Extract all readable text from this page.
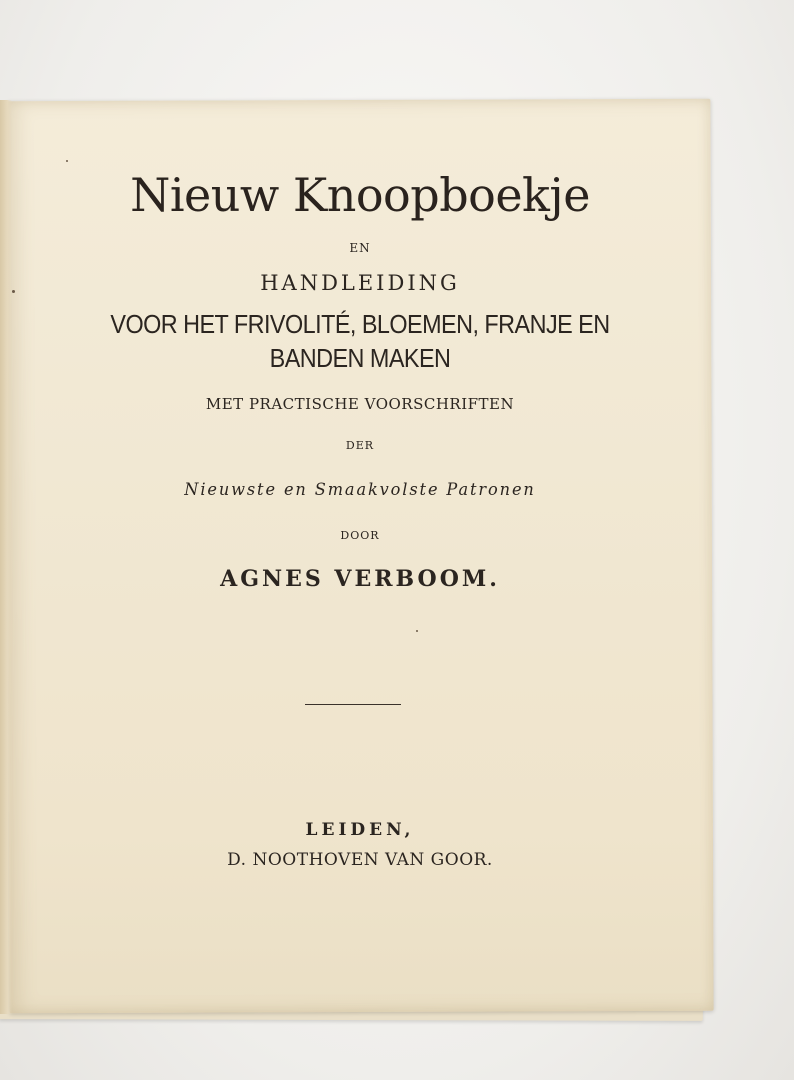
Nieuw Knoopboekje
EN
HANDLEIDING
VOOR HET FRIVOLITÉ, BLOEMEN, FRANJE EN
BANDEN MAKEN
MET PRACTISCHE VOORSCHRIFTEN
DER
Nieuwste en Smaakvolste Patronen
DOOR
AGNES VERBOOM.
LEIDEN,
D. NOOTHOVEN VAN GOOR.
